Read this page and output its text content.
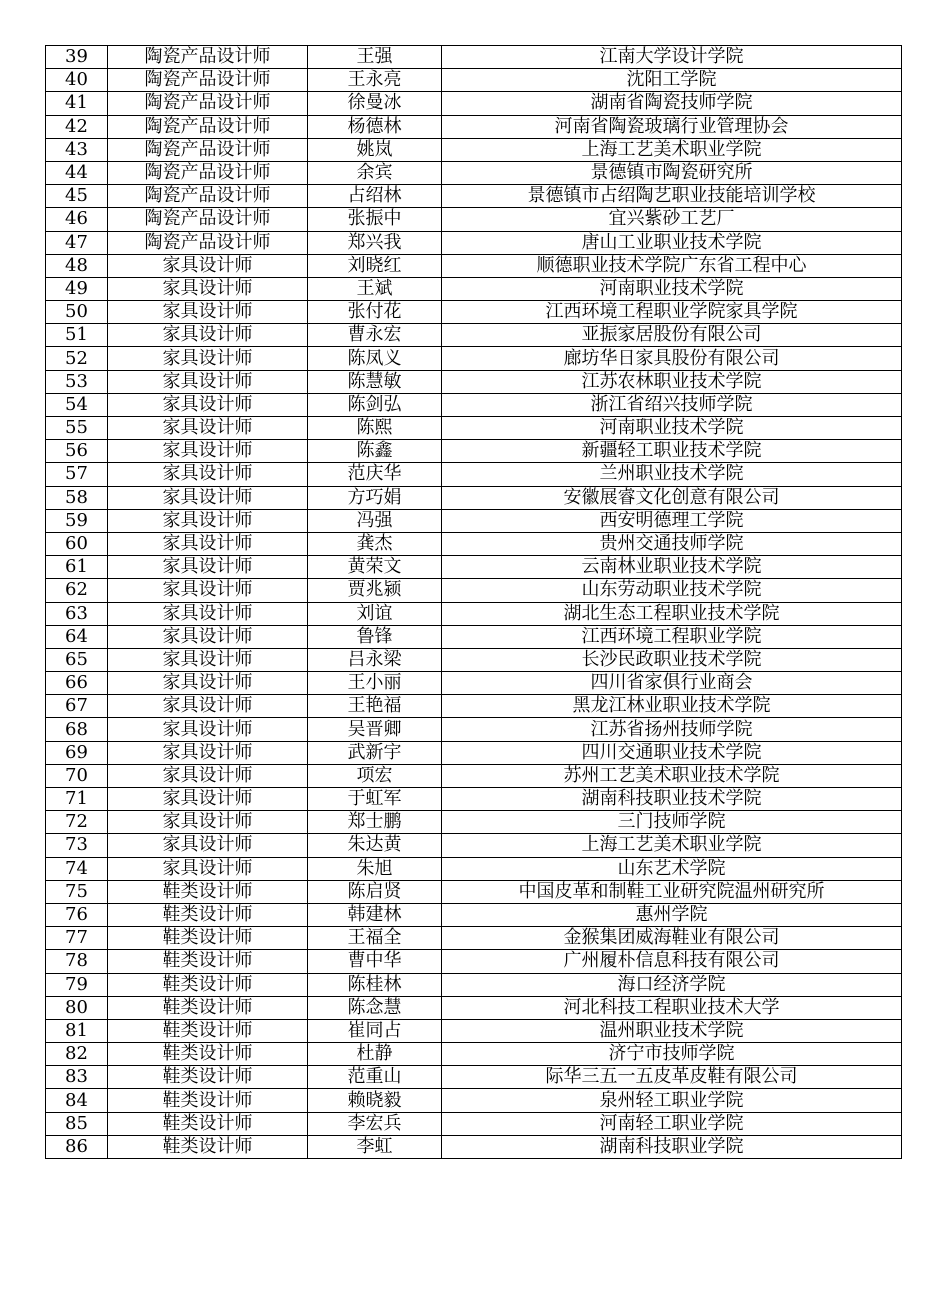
39	陶瓷产品设计师	王强	江南大学设计学院
40	陶瓷产品设计师	王永亮	沈阳工学院
41	陶瓷产品设计师	徐曼冰	湖南省陶瓷技师学院
42	陶瓷产品设计师	杨德林	河南省陶瓷玻璃行业管理协会
43	陶瓷产品设计师	姚岚	上海工艺美术职业学院
44	陶瓷产品设计师	余宾	景德镇市陶瓷研究所
45	陶瓷产品设计师	占绍林	景德镇市占绍陶艺职业技能培训学校
46	陶瓷产品设计师	张振中	宜兴紫砂工艺厂
47	陶瓷产品设计师	郑兴我	唐山工业职业技术学院
48	家具设计师	刘晓红	顺德职业技术学院广东省工程中心
49	家具设计师	王斌	河南职业技术学院
50	家具设计师	张付花	江西环境工程职业学院家具学院
51	家具设计师	曹永宏	亚振家居股份有限公司
52	家具设计师	陈凤义	廊坊华日家具股份有限公司
53	家具设计师	陈慧敏	江苏农林职业技术学院
54	家具设计师	陈剑弘	浙江省绍兴技师学院
55	家具设计师	陈熙	河南职业技术学院
56	家具设计师	陈鑫	新疆轻工职业技术学院
57	家具设计师	范庆华	兰州职业技术学院
58	家具设计师	方巧娟	安徽展睿文化创意有限公司
59	家具设计师	冯强	西安明德理工学院
60	家具设计师	龚杰	贵州交通技师学院
61	家具设计师	黄荣文	云南林业职业技术学院
62	家具设计师	贾兆颍	山东劳动职业技术学院
63	家具设计师	刘谊	湖北生态工程职业技术学院
64	家具设计师	鲁锋	江西环境工程职业学院
65	家具设计师	吕永梁	长沙民政职业技术学院
66	家具设计师	王小丽	四川省家俱行业商会
67	家具设计师	王艳福	黑龙江林业职业技术学院
68	家具设计师	吴晋卿	江苏省扬州技师学院
69	家具设计师	武新宇	四川交通职业技术学院
70	家具设计师	项宏	苏州工艺美术职业技术学院
71	家具设计师	于虹军	湖南科技职业技术学院
72	家具设计师	郑士鹏	三门技师学院
73	家具设计师	朱达黄	上海工艺美术职业学院
74	家具设计师	朱旭	山东艺术学院
75	鞋类设计师	陈启贤	中国皮革和制鞋工业研究院温州研究所
76	鞋类设计师	韩建林	惠州学院
77	鞋类设计师	王福全	金猴集团威海鞋业有限公司
78	鞋类设计师	曹中华	广州履朴信息科技有限公司
79	鞋类设计师	陈桂林	海口经济学院
80	鞋类设计师	陈念慧	河北科技工程职业技术大学
81	鞋类设计师	崔同占	温州职业技术学院
82	鞋类设计师	杜静	济宁市技师学院
83	鞋类设计师	范重山	际华三五一五皮革皮鞋有限公司
84	鞋类设计师	赖晓毅	泉州轻工职业学院
85	鞋类设计师	李宏兵	河南轻工职业学院
86	鞋类设计师	李虹	湖南科技职业学院
